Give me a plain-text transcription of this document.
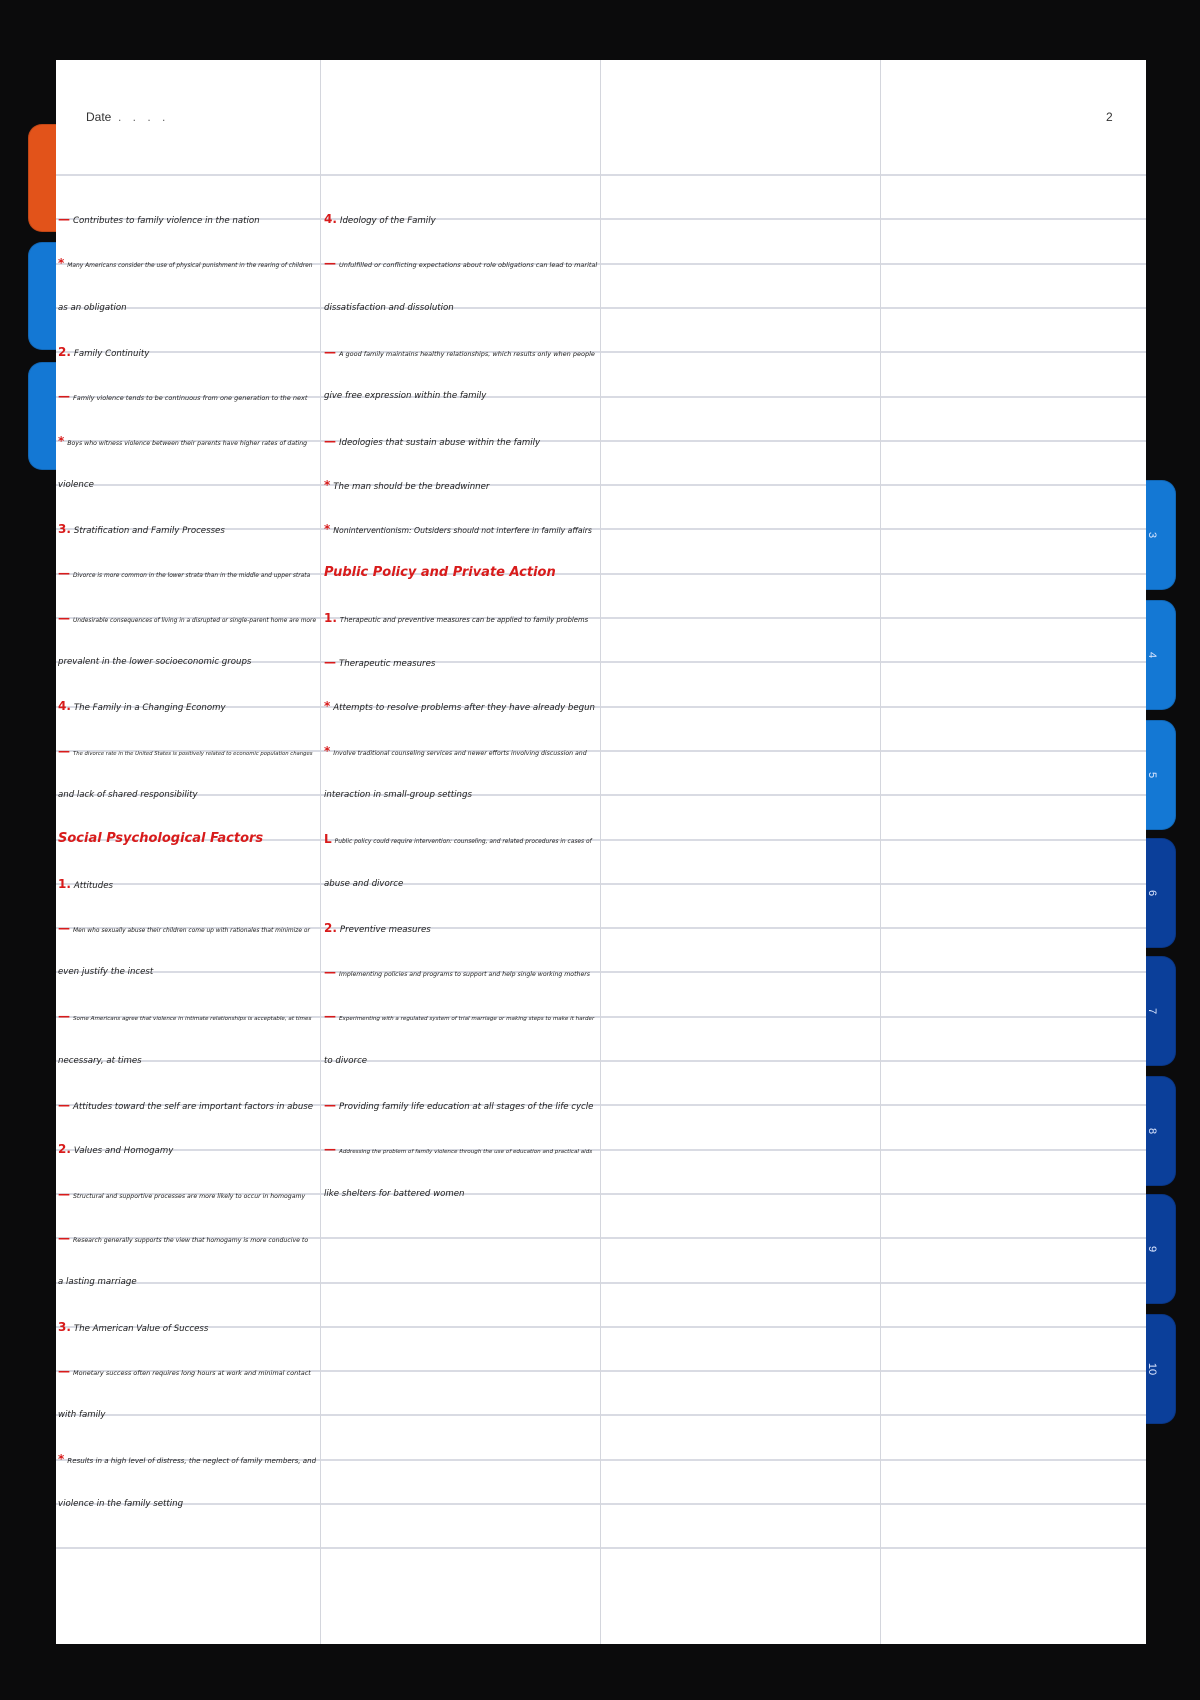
3
4
5
6
7
8
9
10
Date . . . .	2
— Contributes to family violence in the nation
* Many Americans consider the use of physical punishment in the rearing of children
as an obligation
2. Family Continuity
— Family violence tends to be continuous from one generation to the next
* Boys who witness violence between their parents have higher rates of dating
violence
3. Stratification and Family Processes
— Divorce is more common in the lower strata than in the middle and upper strata
— Undesirable consequences of living in a disrupted or single-parent home are more
prevalent in the lower socioeconomic groups
4. The Family in a Changing Economy
— The divorce rate in the United States is positively related to economic population changes
and lack of shared responsibility
Social Psychological Factors
1. Attitudes
— Men who sexually abuse their children come up with rationales that minimize or
even justify the incest
— Some Americans agree that violence in intimate relationships is acceptable, at times
necessary, at times
— Attitudes toward the self are important factors in abuse
2. Values and Homogamy
— Structural and supportive processes are more likely to occur in homogamy
— Research generally supports the view that homogamy is more conducive to
a lasting marriage
3. The American Value of Success
— Monetary success often requires long hours at work and minimal contact
with family
* Results in a high level of distress, the neglect of family members, and
violence in the family setting
4. Ideology of the Family
— Unfulfilled or conflicting expectations about role obligations can lead to marital
dissatisfaction and dissolution
— A good family maintains healthy relationships, which results only when people
give free expression within the family
— Ideologies that sustain abuse within the family
* The man should be the breadwinner
* Noninterventionism: Outsiders should not interfere in family affairs
Public Policy and Private Action
1. Therapeutic and preventive measures can be applied to family problems
— Therapeutic measures
* Attempts to resolve problems after they have already begun
* Involve traditional counseling services and newer efforts involving discussion and
interaction in small-group settings
L Public policy could require intervention: counseling, and related procedures in cases of
abuse and divorce
2. Preventive measures
— Implementing policies and programs to support and help single working mothers
— Experimenting with a regulated system of trial marriage or making steps to make it harder
to divorce
— Providing family life education at all stages of the life cycle
— Addressing the problem of family violence through the use of education and practical aids
like shelters for battered women
